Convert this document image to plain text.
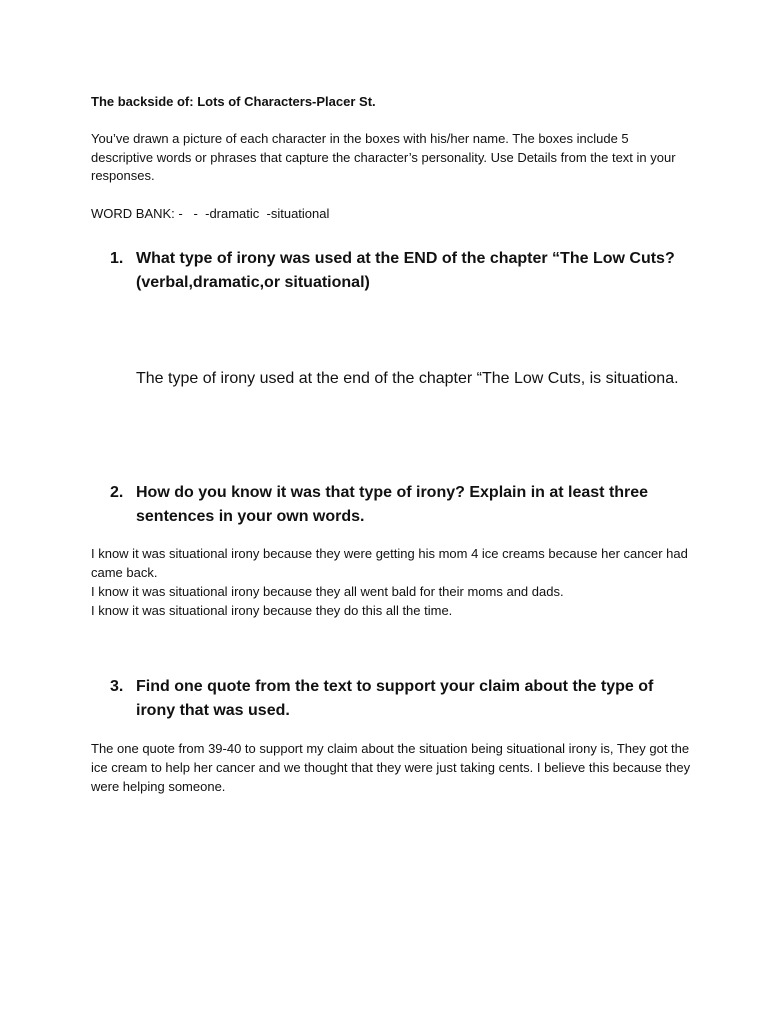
The backside of: Lots of Characters-Placer St.

You’ve drawn a picture of each character in the boxes with his/her name. The boxes include 5 descriptive words or phrases that capture the character’s personality. Use Details from the text in your responses.

WORD BANK: -   -  -dramatic  -situational

1. What type of irony was used at the END of the chapter “The Low Cuts?
(verbal,dramatic,or situational)

The type of irony used at the end of the chapter “The Low Cuts, is situationa.

2. How do you know it was that type of irony? Explain in at least three sentences in your own words.
I know it was situational irony because they were getting his mom 4 ice creams because her cancer had came back.
I know it was situational irony because they all went bald for their moms and dads.
I know it was situational irony because they do this all the time.
3. Find one quote from the text to support your claim about the type of irony that was used.

The one quote from 39-40 to support my claim about the situation being situational irony is, They got the ice cream to help her cancer and we thought that they were just taking cents. I believe this because they were helping someone.
